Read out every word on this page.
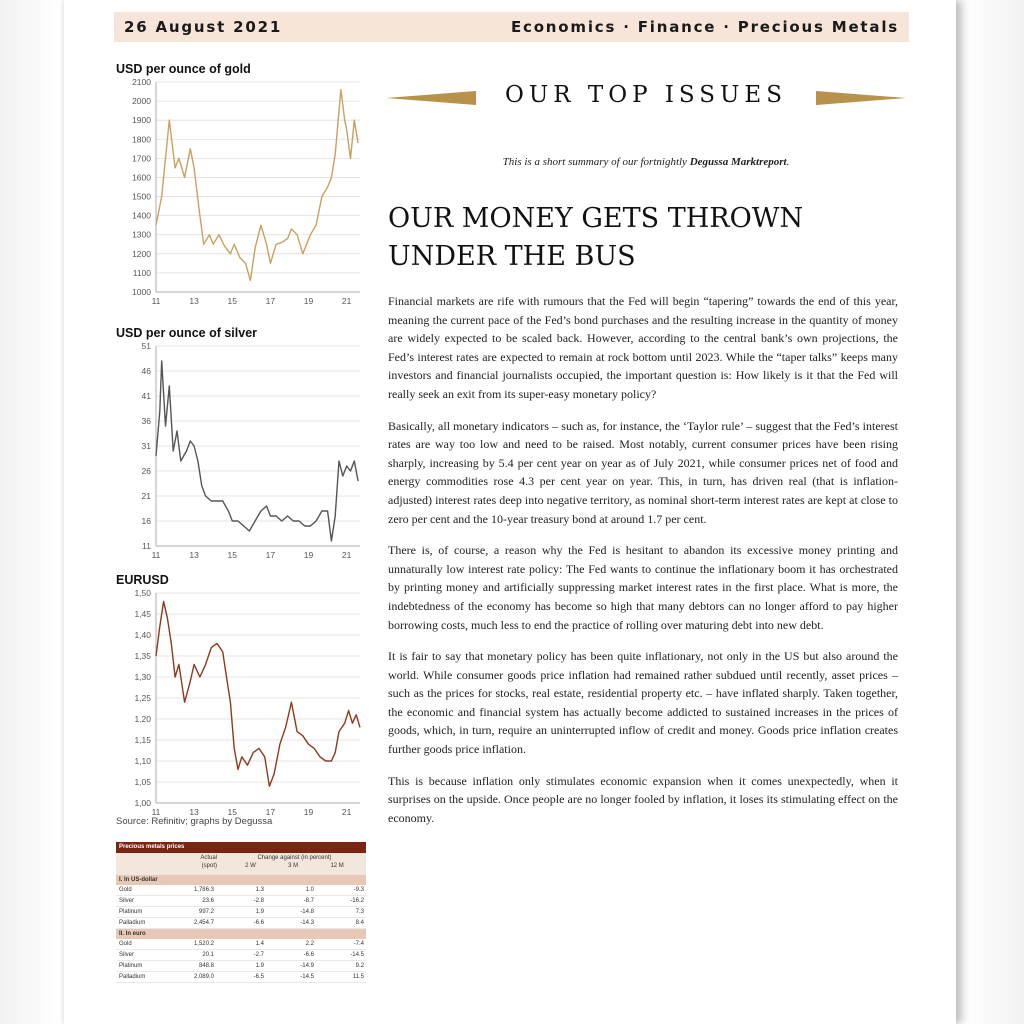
26 August 2021	Economics · Finance · Precious Metals
USD per ounce of gold
2100
2000
1900
1800
1700
1600
1500
1400
1300
1200
1100
1000
11	13	15	17	19	21
USD per ounce of silver
51
46
41
36
31
26
21
16
11
11	13	15	17	19	21
EURUSD
1,50
1,45
1,40
1,35
1,30
1,25
1,20
1,15
1,10
1,05
1,00
11	13	15	17	19	21
Source: Refinitiv; graphs by Degussa
Precious metals prices
Actual
(spot)
Change against (in percent)
2 W	3 M	12 M
I. In US-dollar
Gold	1,786.3	1.3	1.0	-9.3
Silver	23.6	-2.8	-8.7	-16.2
Platinum	997.2	1.9	-14.8	7.3
Palladium	2,454.7	-6.6	-14.3	8.4
II. In euro
Gold	1,520.2	1.4	2.2	-7.4
Silver	20.1	-2.7	-6.6	-14.5
Platinum	848.8	1.9	-14.9	9.2
Palladium	2,089.0	-6.5	-14.5	11.5
OUR TOP ISSUES
This is a short summary of our fortnightly Degussa Marktreport.
OUR MONEY GETS THROWN UNDER THE BUS

Financial markets are rife with rumours that the Fed will begin “tapering” towards the end of this year, meaning the current pace of the Fed’s bond purchases and the resulting increase in the quantity of money are widely expected to be scaled back. However, according to the central bank’s own projections, the Fed’s interest rates are expected to remain at rock bottom until 2023. While the “taper talks” keeps many investors and financial journalists occupied, the important question is: How likely is it that the Fed will really seek an exit from its super-easy monetary policy?

Basically, all monetary indicators – such as, for instance, the ‘Taylor rule’ – suggest that the Fed’s interest rates are way too low and need to be raised. Most notably, current consumer prices have been rising sharply, increasing by 5.4 per cent year on year as of July 2021, while consumer prices net of food and energy commodities rose 4.3 per cent year on year. This, in turn, has driven real (that is inflation-adjusted) interest rates deep into negative territory, as nominal short-term interest rates are kept at close to zero per cent and the 10-year treasury bond at around 1.7 per cent.

There is, of course, a reason why the Fed is hesitant to abandon its excessive money printing and unnaturally low interest rate policy: The Fed wants to continue the inflationary boom it has orchestrated by printing money and artificially suppressing market interest rates in the first place. What is more, the indebtedness of the economy has become so high that many debtors can no longer afford to pay higher borrowing costs, much less to end the practice of rolling over maturing debt into new debt.

It is fair to say that monetary policy has been quite inflationary, not only in the US but also around the world. While consumer goods price inflation had remained rather subdued until recently, asset prices – such as the prices for stocks, real estate, residential property etc. – have inflated sharply. Taken together, the economic and financial system has actually become addicted to sustained increases in the prices of goods, which, in turn, require an uninterrupted inflow of credit and money. Goods price inflation creates further goods price inflation.

This is because inflation only stimulates economic expansion when it comes unexpectedly, when it surprises on the upside. Once people are no longer fooled by inflation, it loses its stimulating effect on the economy.
